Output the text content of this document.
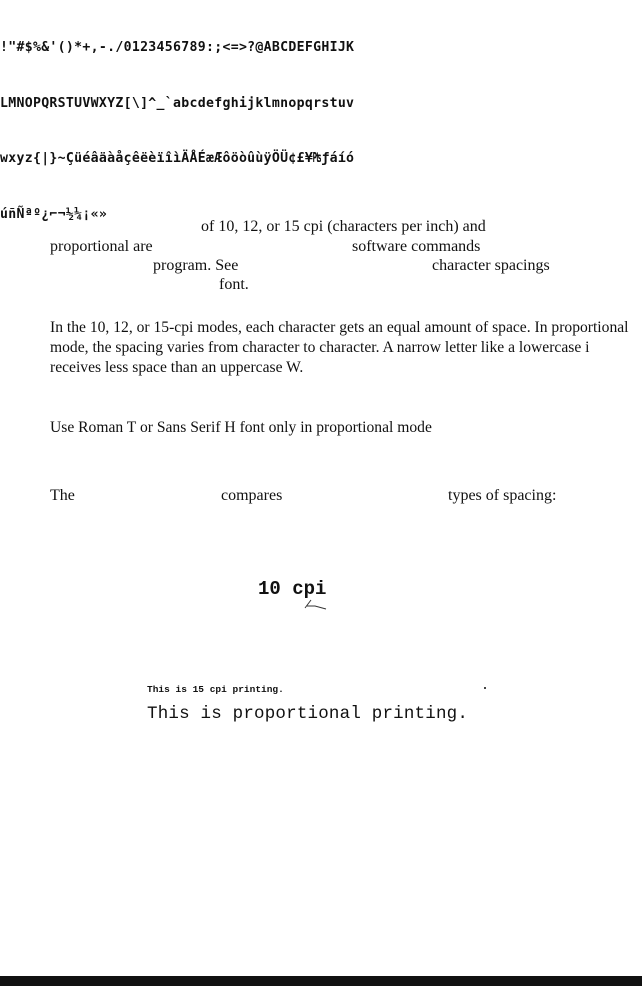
!"#$%&'()*+,-./0123456789:;<=>?@ABCDEFGHIJK

LMNOPQRSTUVWXYZ[\]^_`abcdefghijklmnopqrstuv

wxyz{|}~ÇüéâäàåçêëèïîìÄÅÉæÆôöòûùÿÖÜ¢£¥₧ƒáíó

úñÑªº¿⌐¬½¼¡«»

of 10, 12, or 15 cpi (characters per inch) and
proportional are	software commands
program. See	character spacings
font.
In the 10, 12, or 15-cpi modes, each character gets an equal amount of space. In proportional mode, the spacing varies from character to character. A narrow letter like a lowercase i receives less space than an uppercase W.
Use Roman T or Sans Serif H font only in proportional mode
The	compares	types of spacing:
10 cpi
This is 15 cpi printing.
This is proportional printing.
